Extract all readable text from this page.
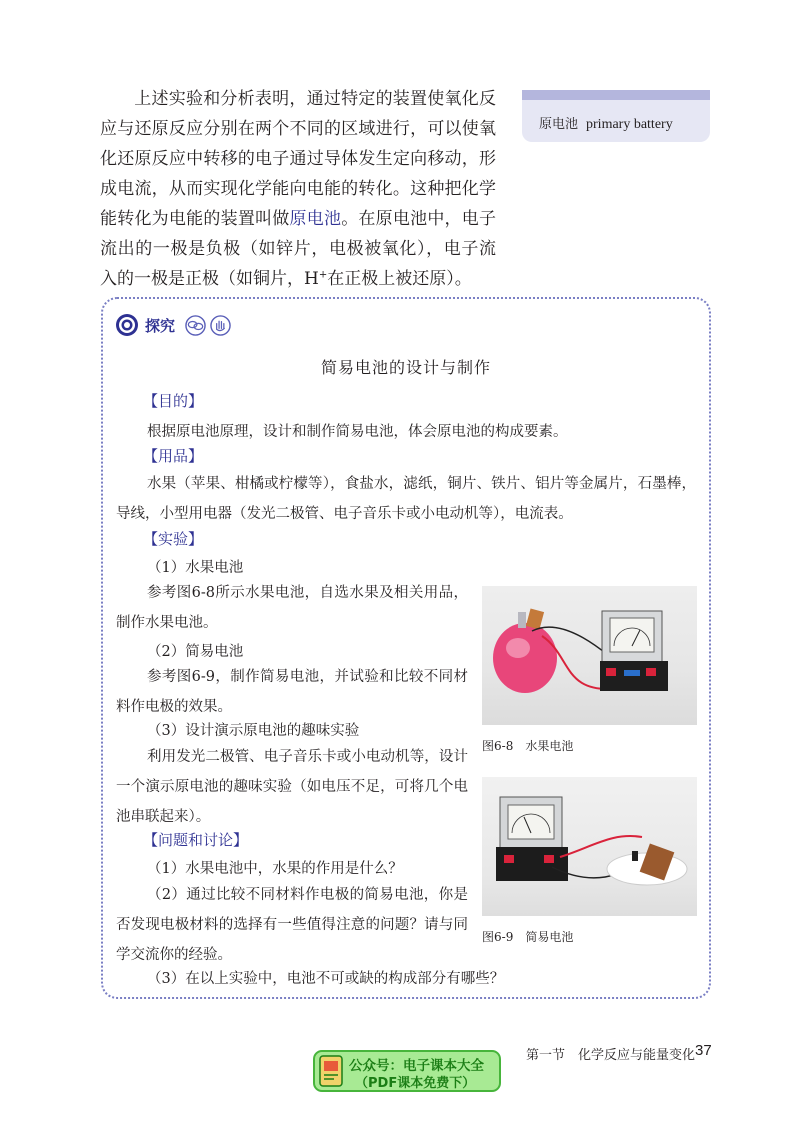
上述实验和分析表明，通过特定的装置使氧化反应与还原反应分别在两个不同的区域进行，可以使氧化还原反应中转移的电子通过导体发生定向移动，形成电流，从而实现化学能向电能的转化。这种把化学能转化为电能的装置叫做原电池。在原电池中，电子流出的一极是负极（如锌片，电极被氧化），电子流入的一极是正极（如铜片，H+在正极上被还原）。
原电池 primary battery
探究
简易电池的设计与制作
【目的】
根据原电池原理，设计和制作简易电池，体会原电池的构成要素。
【用品】
水果（苹果、柑橘或柠檬等），食盐水，滤纸，铜片、铁片、铝片等金属片，石墨棒，导线，小型用电器（发光二极管、电子音乐卡或小电动机等），电流表。
【实验】
（1）水果电池
参考图6-8所示水果电池，自选水果及相关用品，制作水果电池。
（2）简易电池
参考图6-9，制作简易电池，并试验和比较不同材料作电极的效果。
（3）设计演示原电池的趣味实验
利用发光二极管、电子音乐卡或小电动机等，设计一个演示原电池的趣味实验（如电压不足，可将几个电池串联起来）。
【问题和讨论】
（1）水果电池中，水果的作用是什么？
（2）通过比较不同材料作电极的简易电池，你是否发现电极材料的选择有一些值得注意的问题？请与同学交流你的经验。
（3）在以上实验中，电池不可或缺的构成部分有哪些？
图6-8　水果电池
图6-9　简易电池
第一节　化学反应与能量变化 37
公众号：电子课本大全
（PDF课本免费下）
